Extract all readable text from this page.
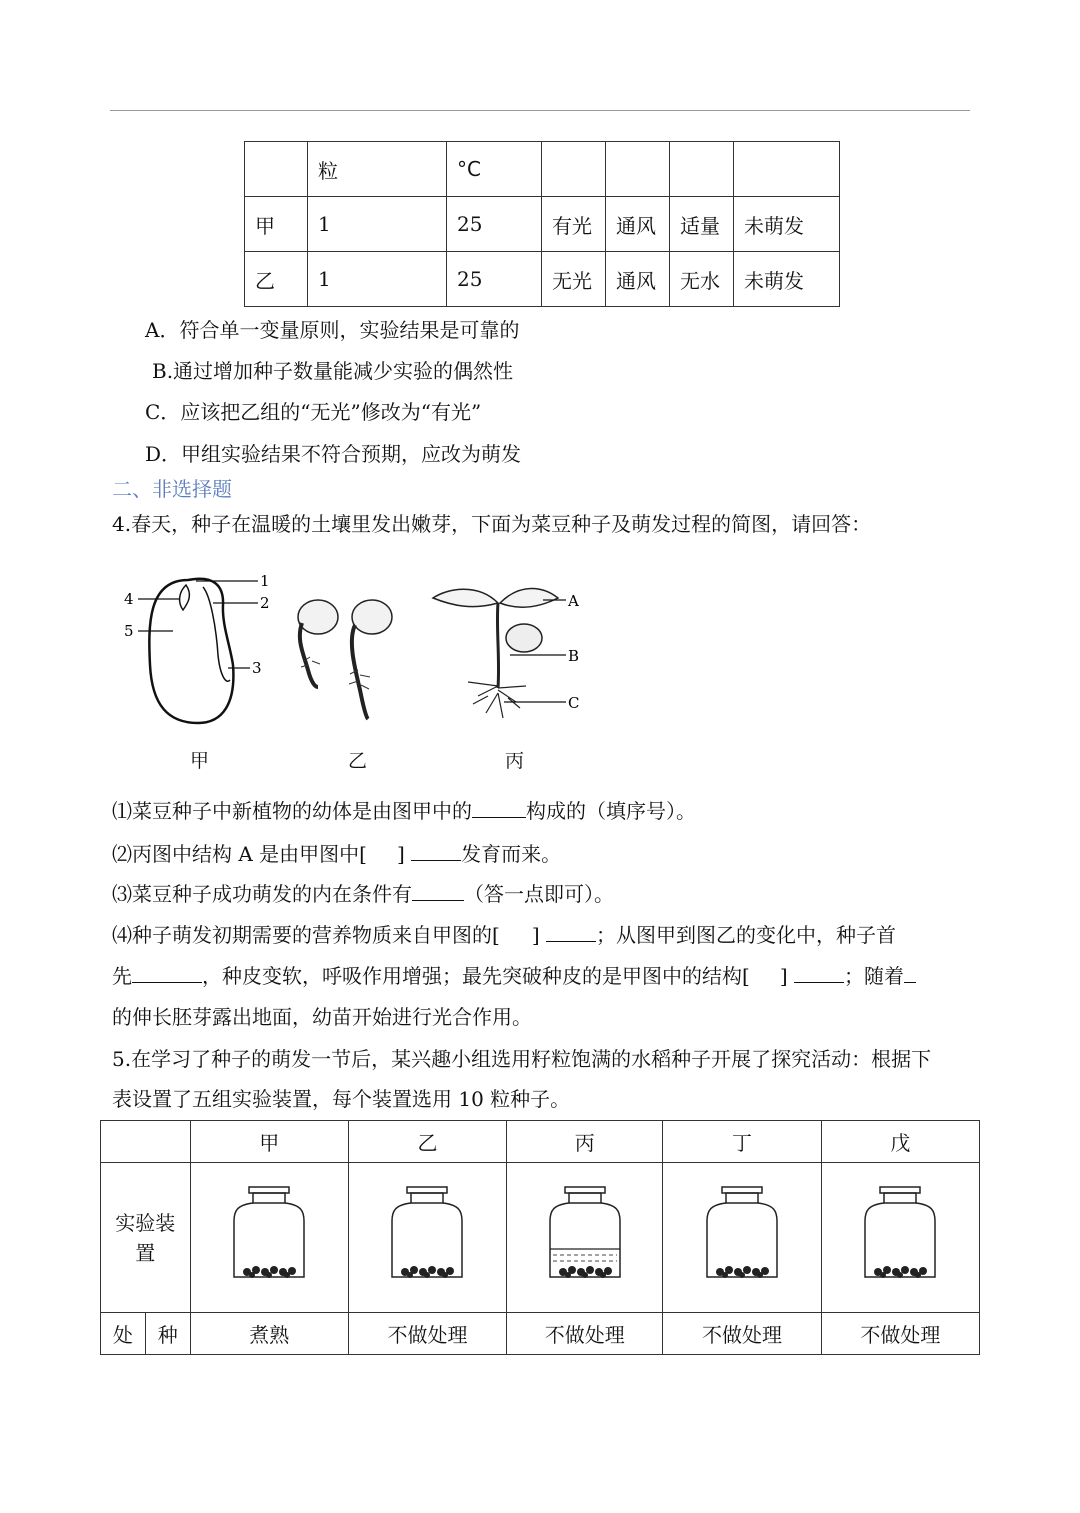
	粒	°C				
甲	1	25	有光	通风	适量	未萌发
乙	1	25	无光	通风	无水	未萌发
A．符合单一变量原则，实验结果是可靠的
B.通过增加种子数量能减少实验的偶然性
C．应该把乙组的“无光”修改为“有光”
D．甲组实验结果不符合预期，应改为萌发
二、非选择题
4.春天，种子在温暖的土壤里发出嫩芽，下面为菜豆种子及萌发过程的简图，请回答：
1
2
3
4
5
A
B
C
甲	乙	丙
⑴菜豆种子中新植物的幼体是由图甲中的	构成的（填序号）。
⑵丙图中结构 A 是由甲图中[ ]	发育而来。
⑶菜豆种子成功萌发的内在条件有	（答一点即可）。
⑷种子萌发初期需要的营养物质来自甲图的[ ]	；从图甲到图乙的变化中，种子首
先	，种皮变软，呼吸作用增强；最先突破种皮的是甲图中的结构[ ]	；随着
的伸长胚芽露出地面，幼苗开始进行光合作用。
5.在学习了种子的萌发一节后，某兴趣小组选用籽粒饱满的水稻种子开展了探究活动：根据下
表设置了五组实验装置，每个装置选用 10 粒种子。
		甲	乙	丙	丁	戊
实验装置					
处	种	煮熟	不做处理	不做处理	不做处理	不做处理
